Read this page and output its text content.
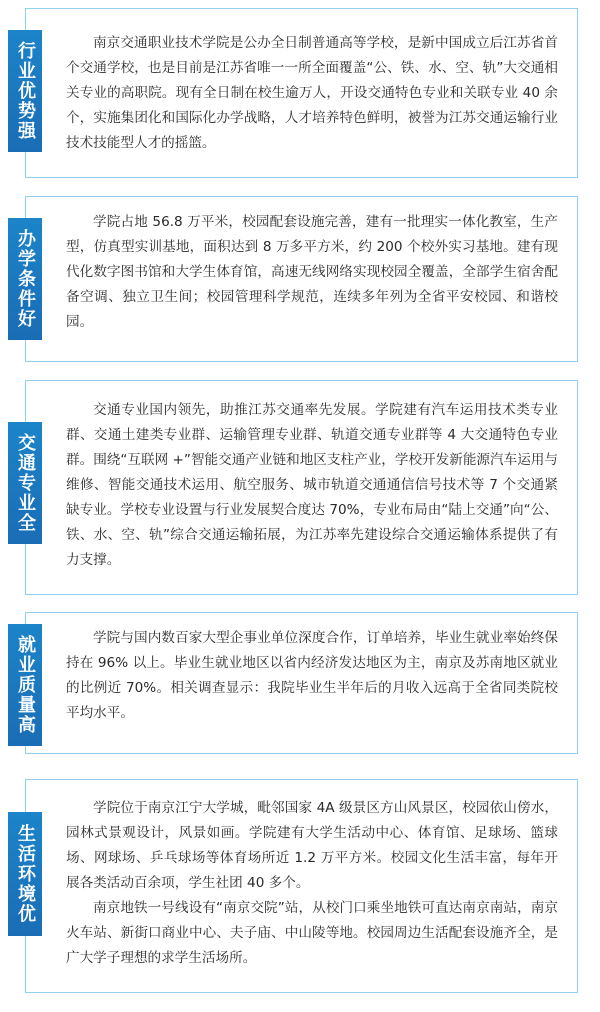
行业优势强	南京交通职业技术学院是公办全日制普通高等学校，是新中国成立后江苏省首个交通学校，也是目前是江苏省唯一一所全面覆盖“公、铁、水、空、轨”大交通相关专业的高职院。现有全日制在校生逾万人，开设交通特色专业和关联专业 40 余个，实施集团化和国际化办学战略，人才培养特色鲜明，被誉为江苏交通运输行业技术技能型人才的摇篮。

办学条件好

学院占地 56.8 万平米，校园配套设施完善，建有一批理实一体化教室，生产型，仿真型实训基地，面积达到 8 万多平方米，约 200 个校外实习基地。建有现代化数字图书馆和大学生体育馆，高速无线网络实现校园全覆盖，全部学生宿舍配备空调、独立卫生间；校园管理科学规范，连续多年列为全省平安校园、和谐校园。

交通专业全

交通专业国内领先，助推江苏交通率先发展。学院建有汽车运用技术类专业群、交通土建类专业群、运输管理专业群、轨道交通专业群等 4 大交通特色专业群。围绕“互联网 +”智能交通产业链和地区支柱产业，学校开发新能源汽车运用与维修、智能交通技术运用、航空服务、城市轨道交通通信信号技术等 7 个交通紧缺专业。学校专业设置与行业发展契合度达 70%，专业布局由“陆上交通”向“公、铁、水、空、轨”综合交通运输拓展，为江苏率先建设综合交通运输体系提供了有力支撑。

就业质量高	学院与国内数百家大型企事业单位深度合作，订单培养，毕业生就业率始终保持在 96% 以上。毕业生就业地区以省内经济发达地区为主，南京及苏南地区就业的比例近 70%。相关调查显示：我院毕业生半年后的月收入远高于全省同类院校平均水平。

生活环境优

学院位于南京江宁大学城，毗邻国家 4A 级景区方山风景区，校园依山傍水，园林式景观设计，风景如画。学院建有大学生活动中心、体育馆、足球场、篮球场、网球场、乒乓球场等体育场所近 1.2 万平方米。校园文化生活丰富，每年开展各类活动百余项，学生社团 40 多个。

南京地铁一号线设有“南京交院”站，从校门口乘坐地铁可直达南京南站，南京火车站、新街口商业中心、夫子庙、中山陵等地。校园周边生活配套设施齐全，是广大学子理想的求学生活场所。
